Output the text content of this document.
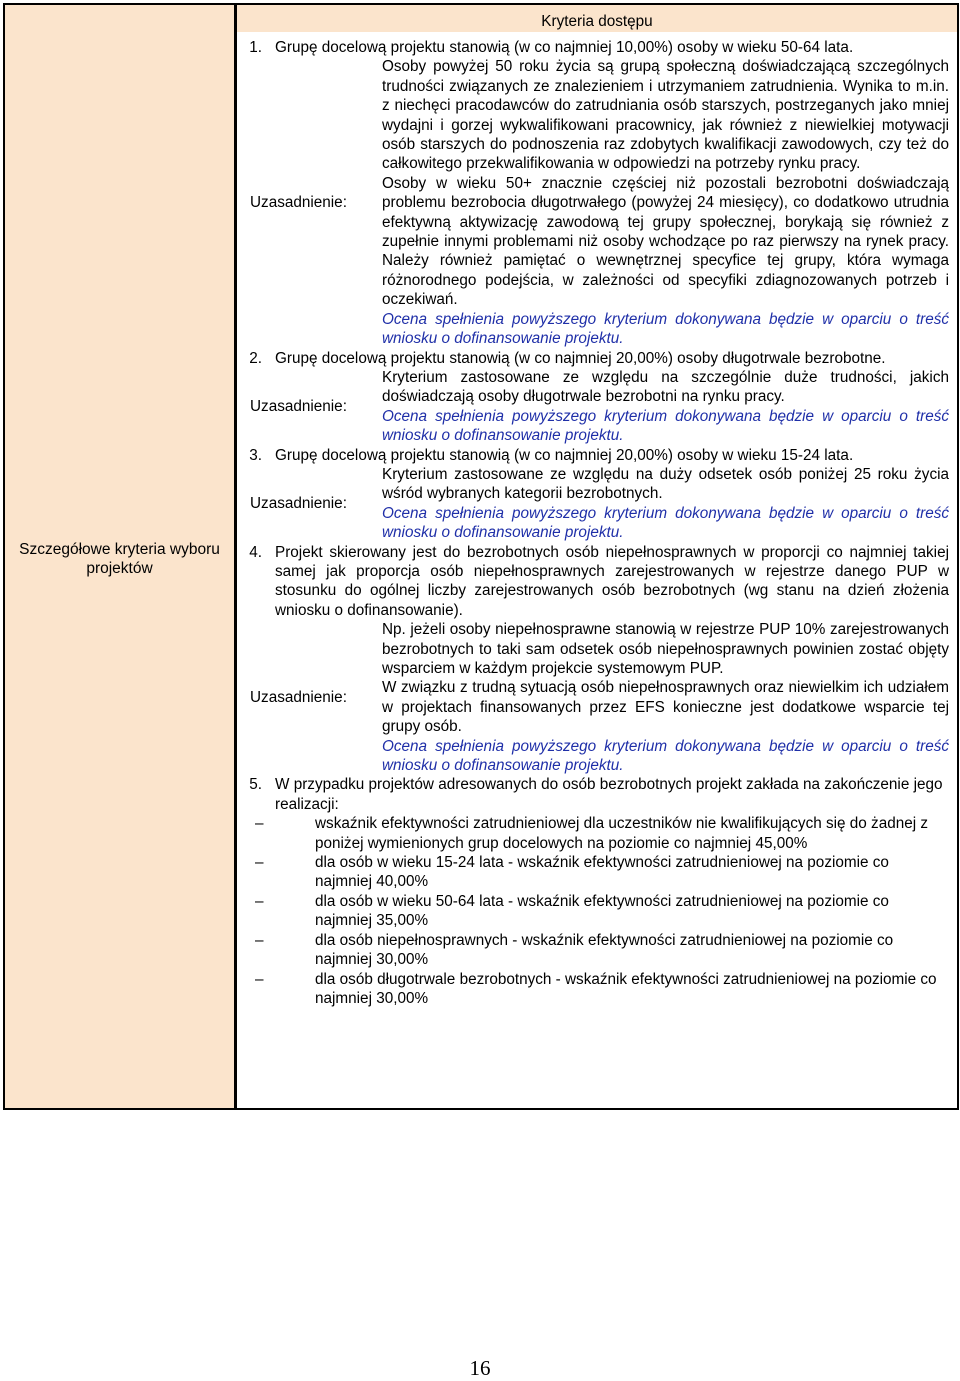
Szczegółowe kryteria wyboru projektów
Kryteria dostępu
1. Grupę docelową projektu stanowią (w co najmniej 10,00%) osoby w wieku 50-64 lata.
Uzasadnienie:

Osoby powyżej 50 roku życia są grupą społeczną doświadczającą szczególnych trudności związanych ze znalezieniem i utrzymaniem zatrudnienia. Wynika to m.in. z niechęci pracodawców do zatrudniania osób starszych, postrzeganych jako mniej wydajni i gorzej wykwalifikowani pracownicy, jak również z niewielkiej motywacji osób starszych do podnoszenia raz zdobytych kwalifikacji zawodowych, czy też do całkowitego przekwalifikowania w odpowiedzi na potrzeby rynku pracy.

Osoby w wieku 50+ znacznie częściej niż pozostali bezrobotni doświadczają problemu bezrobocia długotrwałego (powyżej 24 miesięcy), co dodatkowo utrudnia efektywną aktywizację zawodową tej grupy społecznej, borykają się również z zupełnie innymi problemami niż osoby wchodzące po raz pierwszy na rynek pracy. Należy również pamiętać o wewnętrznej specyfice tej grupy, która wymaga różnorodnego podejścia, w zależności od specyfiki zdiagnozowanych potrzeb i oczekiwań.

Ocena spełnienia powyższego kryterium dokonywana będzie w oparciu o treść wniosku o dofinansowanie projektu.

2. Grupę docelową projektu stanowią (w co najmniej 20,00%) osoby długotrwale bezrobotne.
Uzasadnienie:

Kryterium zastosowane ze względu na szczególnie duże trudności, jakich doświadczają osoby długotrwale bezrobotni na rynku pracy.

Ocena spełnienia powyższego kryterium dokonywana będzie w oparciu o treść wniosku o dofinansowanie projektu.

3. Grupę docelową projektu stanowią (w co najmniej 20,00%) osoby w wieku 15-24 lata.
Uzasadnienie:

Kryterium zastosowane ze względu na duży odsetek osób poniżej 25 roku życia wśród wybranych kategorii bezrobotnych.

Ocena spełnienia powyższego kryterium dokonywana będzie w oparciu o treść wniosku o dofinansowanie projektu.

4. Projekt skierowany jest do bezrobotnych osób niepełnosprawnych w proporcji co najmniej takiej samej jak proporcja osób niepełnosprawnych zarejestrowanych w rejestrze danego PUP w stosunku do ogólnej liczby zarejestrowanych osób bezrobotnych (wg stanu na dzień złożenia wniosku o dofinansowanie).
Uzasadnienie:

Np. jeżeli osoby niepełnosprawne stanowią w rejestrze PUP 10% zarejestrowanych bezrobotnych to taki sam odsetek osób niepełnosprawnych powinien zostać objęty wsparciem w każdym projekcie systemowym PUP.

W związku z trudną sytuacją osób niepełnosprawnych oraz niewielkim ich udziałem w projektach finansowanych przez EFS konieczne jest dodatkowe wsparcie tej grupy osób.

Ocena spełnienia powyższego kryterium dokonywana będzie w oparciu o treść wniosku o dofinansowanie projektu.

5. W przypadku projektów adresowanych do osób bezrobotnych projekt zakłada na zakończenie jego realizacji:
–	wskaźnik efektywności zatrudnieniowej dla uczestników nie kwalifikujących się do żadnej z poniżej wymienionych grup docelowych na poziomie co najmniej 45,00%
–	dla osób w wieku 15-24 lata - wskaźnik efektywności zatrudnieniowej na poziomie co najmniej 40,00%
–	dla osób w wieku 50-64 lata - wskaźnik efektywności zatrudnieniowej na poziomie co najmniej 35,00%
–	dla osób niepełnosprawnych - wskaźnik efektywności zatrudnieniowej na poziomie co najmniej 30,00%
–	dla osób długotrwale bezrobotnych - wskaźnik efektywności zatrudnieniowej na poziomie co najmniej 30,00%
16
